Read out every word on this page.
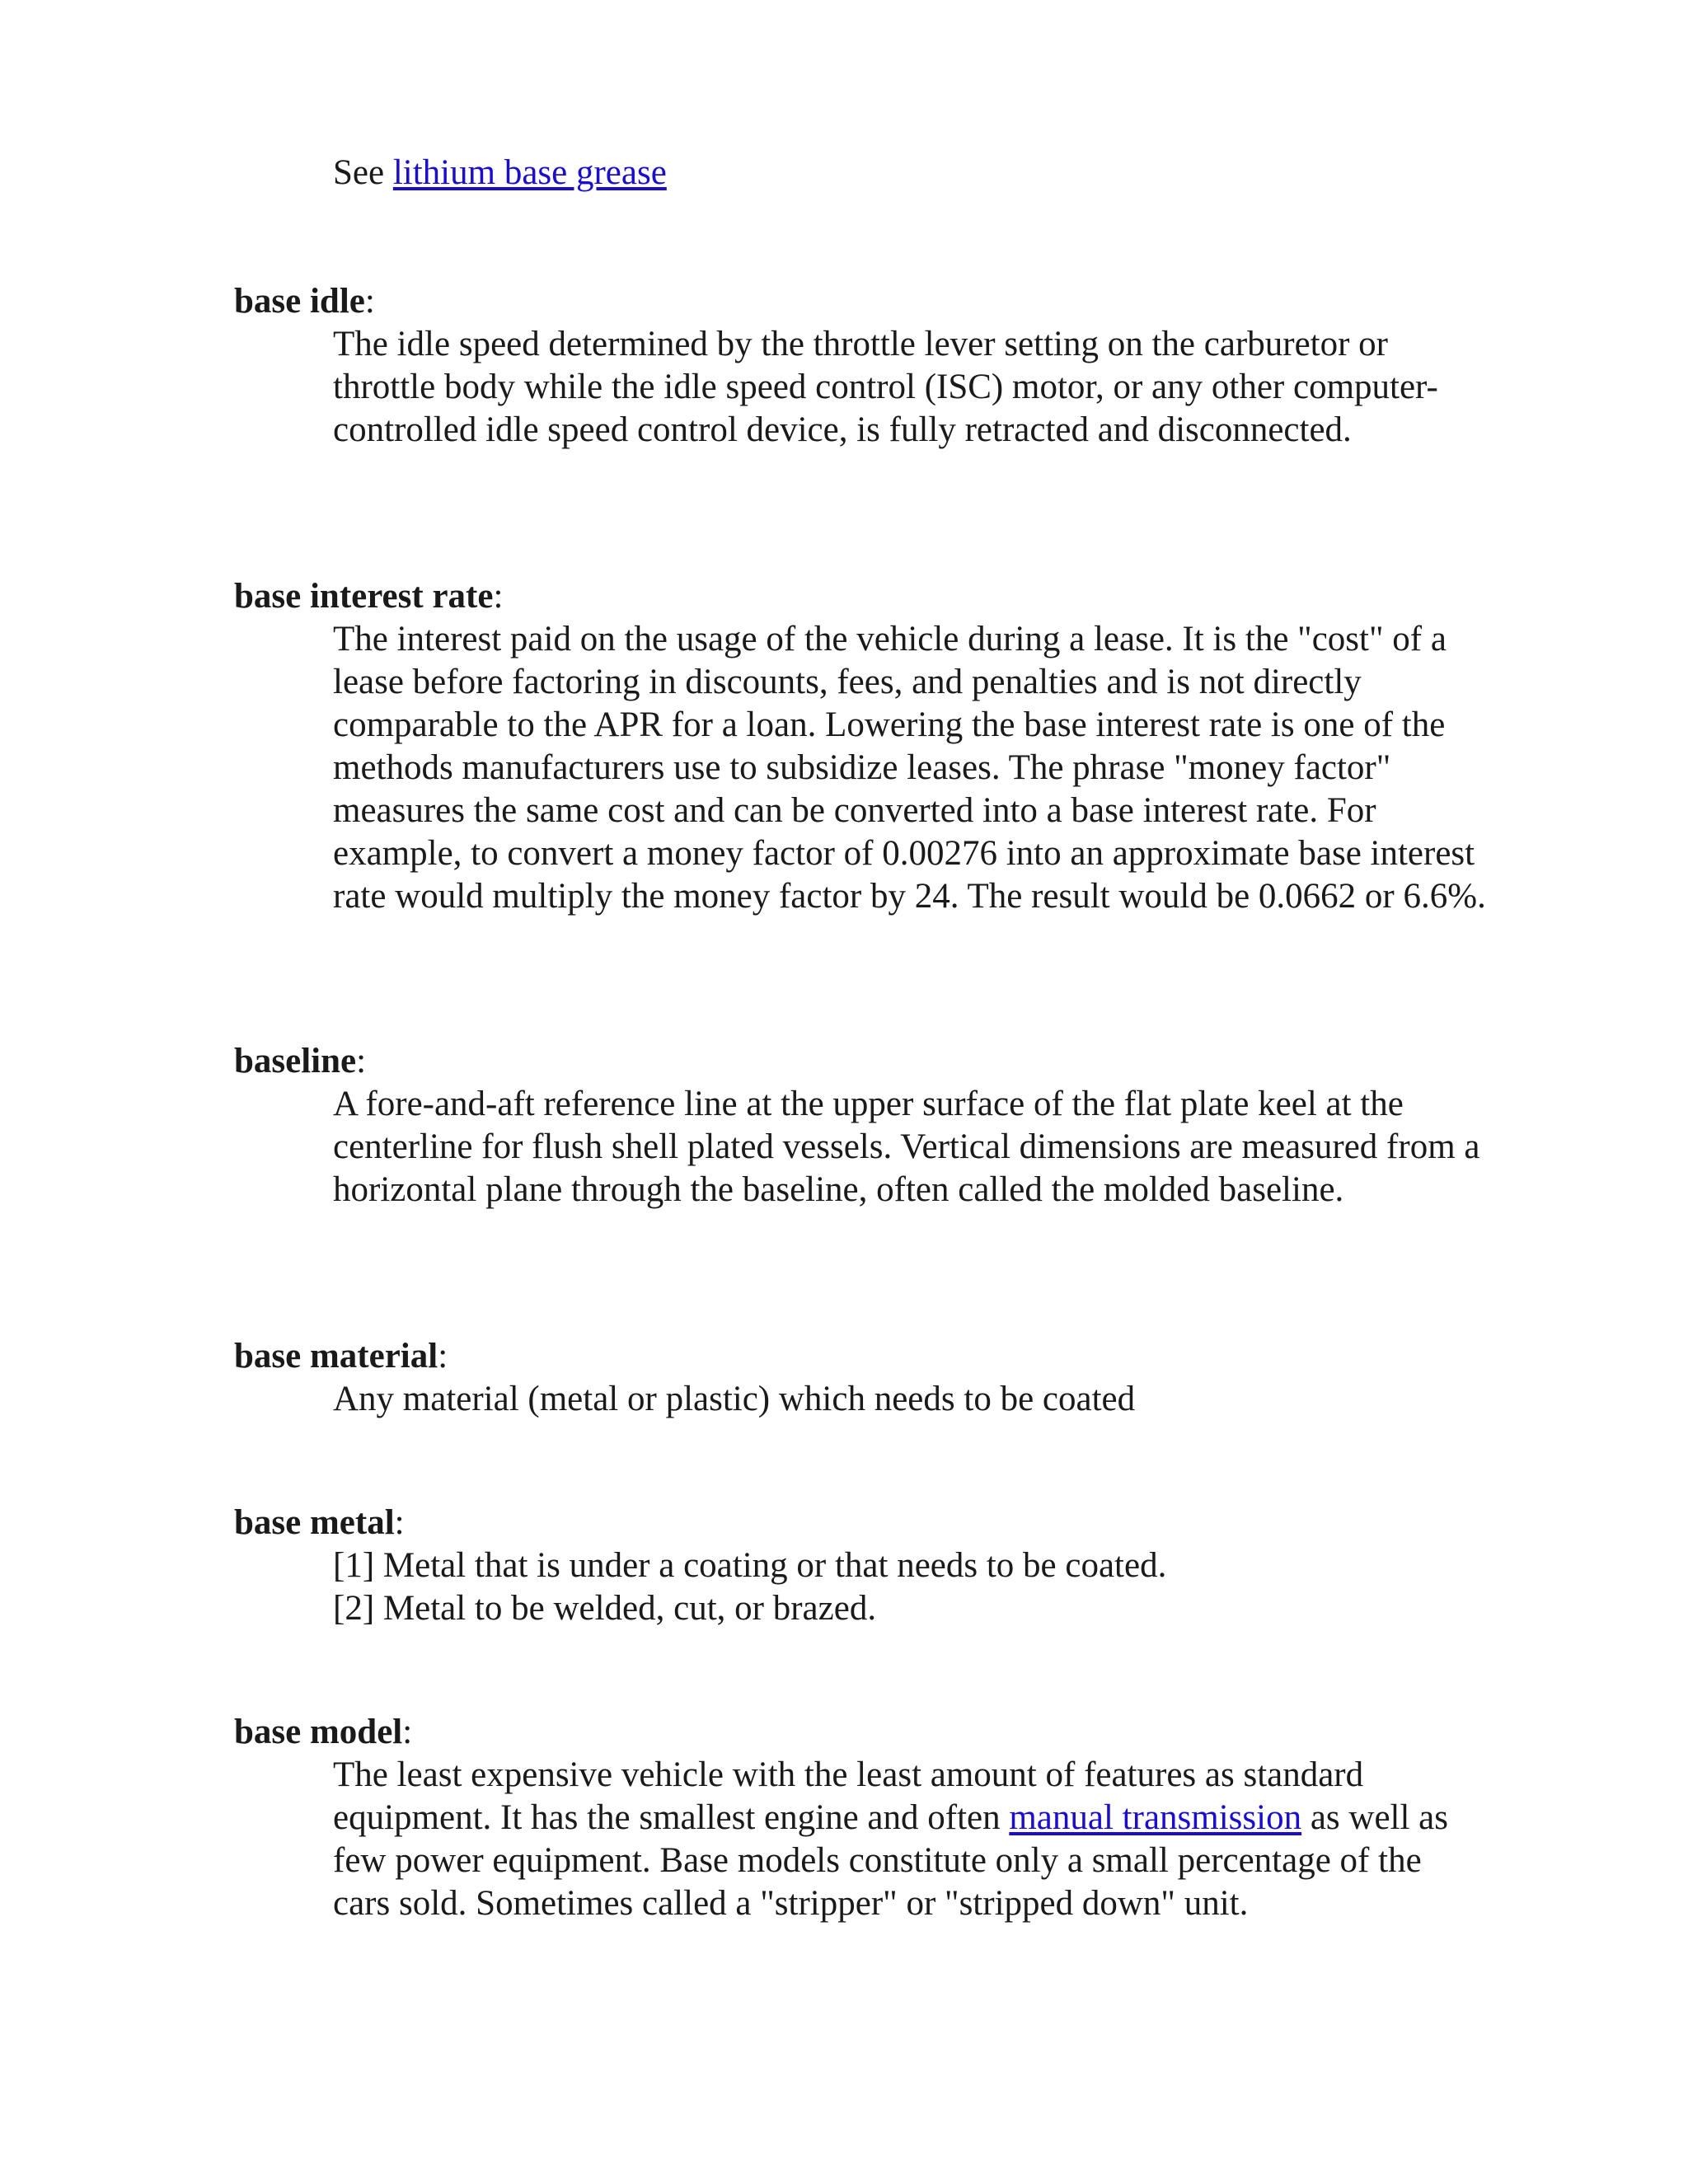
See lithium base grease
base idle:

The idle speed determined by the throttle lever setting on the carburetor or throttle body while the idle speed control (ISC) motor, or any other computer-controlled idle speed control device, is fully retracted and disconnected.

base interest rate:

The interest paid on the usage of the vehicle during a lease. It is the "cost" of a lease before factoring in discounts, fees, and penalties and is not directly comparable to the APR for a loan. Lowering the base interest rate is one of the methods manufacturers use to subsidize leases. The phrase "money factor" measures the same cost and can be converted into a base interest rate. For example, to convert a money factor of 0.00276 into an approximate base interest rate would multiply the money factor by 24. The result would be 0.0662 or 6.6%.

baseline:

A fore-and-aft reference line at the upper surface of the flat plate keel at the centerline for flush shell plated vessels. Vertical dimensions are measured from a horizontal plane through the baseline, often called the molded baseline.

base material:

Any material (metal or plastic) which needs to be coated

base metal:

[1] Metal that is under a coating or that needs to be coated.

[2] Metal to be welded, cut, or brazed.

base model:

The least expensive vehicle with the least amount of features as standard equipment. It has the smallest engine and often manual transmission as well as few power equipment. Base models constitute only a small percentage of the cars sold. Sometimes called a "stripper" or "stripped down" unit.
